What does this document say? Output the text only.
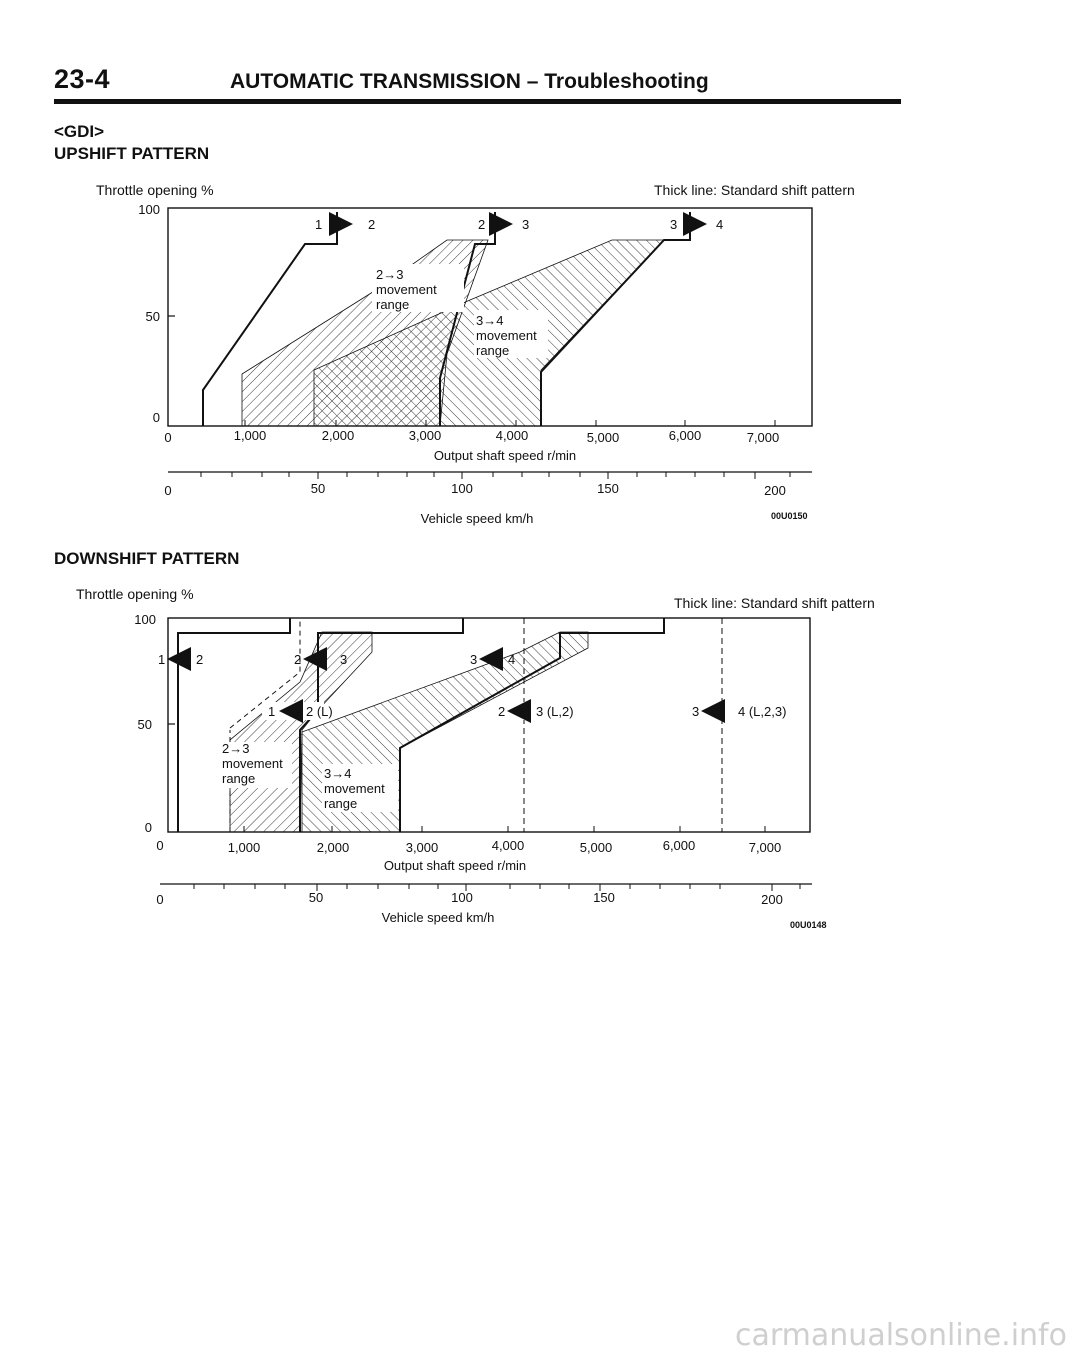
23-4	AUTOMATIC TRANSMISSION – Troubleshooting
<GDI>
UPSHIFT PATTERN
Throttle opening %	Thick line: Standard shift pattern
1	2	2	3	3	4
2→3
movement
range
3→4
movement
range
100
50
0
0	1,000	2,000	3,000	4,000	5,000	6,000	7,000
Output shaft speed r/min
0	50	100	150	200
Vehicle speed km/h	00U0150
DOWNSHIFT PATTERN
Throttle opening %
Thick line: Standard shift pattern
1 2	2	3	3 4
1 2 (L)	2 3 (L,2)	3	4 (L,2,3)
2→3
movement
range	3→4
movement
range
100
50
0
0	1,000	2,000	3,000	4,000	5,000	6,000	7,000
Output shaft speed r/min
0	50	100	150	200
Vehicle speed km/h	00U0148
carmanualsonline.info
